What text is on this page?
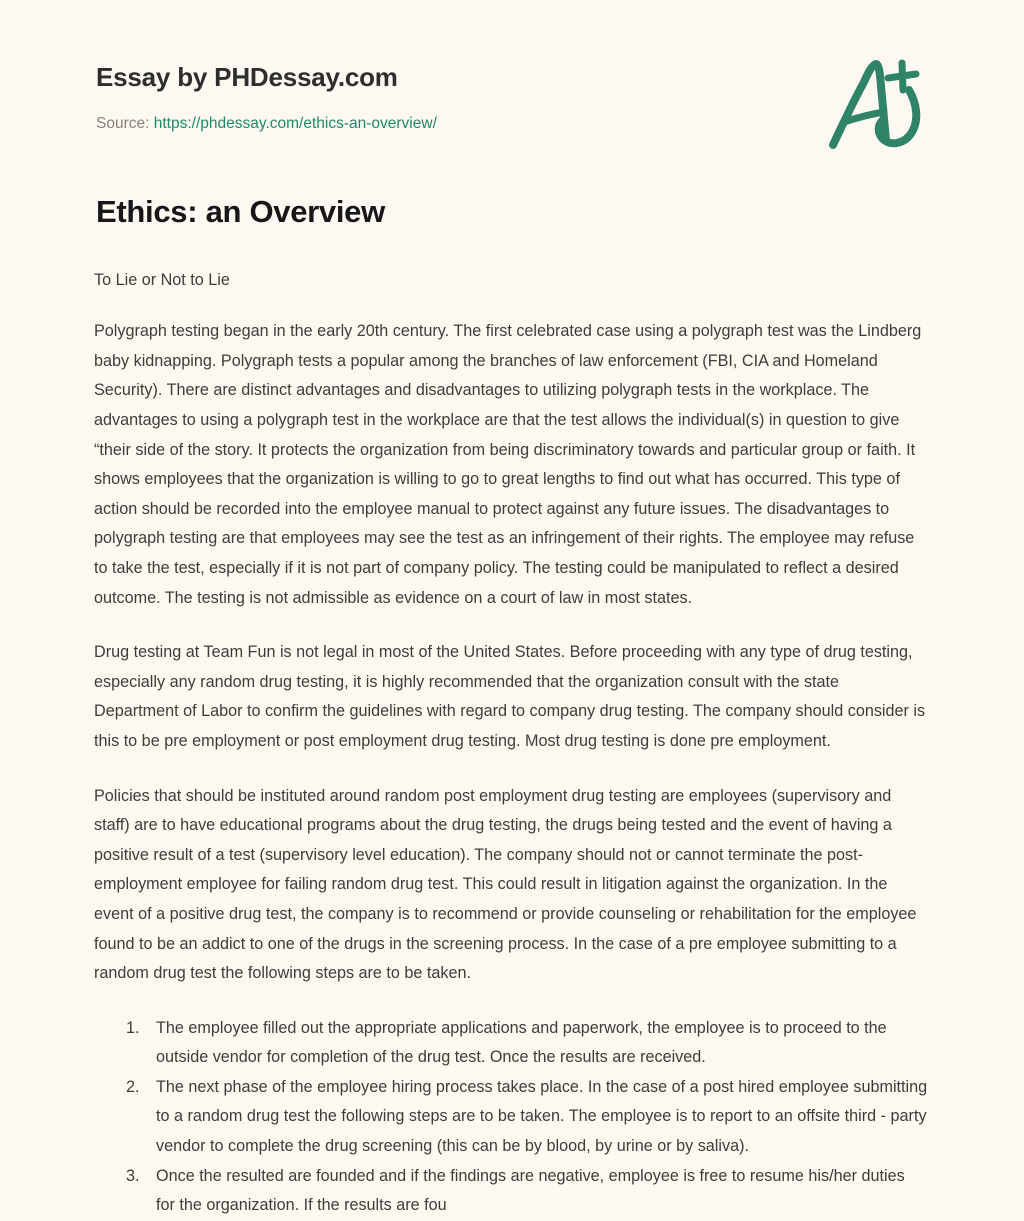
Essay by PHDessay.com
Source: https://phdessay.com/ethics-an-overview/
Ethics: an Overview

To Lie or Not to Lie

Polygraph testing began in the early 20th century. The first celebrated case using a polygraph test was the Lindberg baby kidnapping. Polygraph tests a popular among the branches of law enforcement (FBI, CIA and Homeland Security). There are distinct advantages and disadvantages to utilizing polygraph tests in the workplace. The advantages to using a polygraph test in the workplace are that the test allows the individual(s) in question to give “their side of the story. It protects the organization from being discriminatory towards and particular group or faith. It shows employees that the organization is willing to go to great lengths to find out what has occurred. This type of action should be recorded into the employee manual to protect against any future issues. The disadvantages to polygraph testing are that employees may see the test as an infringement of their rights. The employee may refuse to take the test, especially if it is not part of company policy. The testing could be manipulated to reflect a desired outcome. The testing is not admissible as evidence on a court of law in most states.

Drug testing at Team Fun is not legal in most of the United States. Before proceeding with any type of drug testing, especially any random drug testing, it is highly recommended that the organization consult with the state Department of Labor to confirm the guidelines with regard to company drug testing. The company should consider is this to be pre employment or post employment drug testing. Most drug testing is done pre employment.

Policies that should be instituted around random post employment drug testing are employees (supervisory and staff) are to have educational programs about the drug testing, the drugs being tested and the event of having a positive result of a test (supervisory level education). The company should not or cannot terminate the post-employment employee for failing random drug test. This could result in litigation against the organization. In the event of a positive drug test, the company is to recommend or provide counseling or rehabilitation for the employee found to be an addict to one of the drugs in the screening process. In the case of a pre employee submitting to a random drug test the following steps are to be taken.

1. The employee filled out the appropriate applications and paperwork, the employee is to proceed to the outside vendor for completion of the drug test. Once the results are received.
2. The next phase of the employee hiring process takes place. In the case of a post hired employee submitting to a random drug test the following steps are to be taken. The employee is to report to an offsite third - party vendor to complete the drug screening (this can be by blood, by urine or by saliva).
3. Once the resulted are founded and if the findings are negative, employee is free to resume his/her duties for the organization. If the results are fou
